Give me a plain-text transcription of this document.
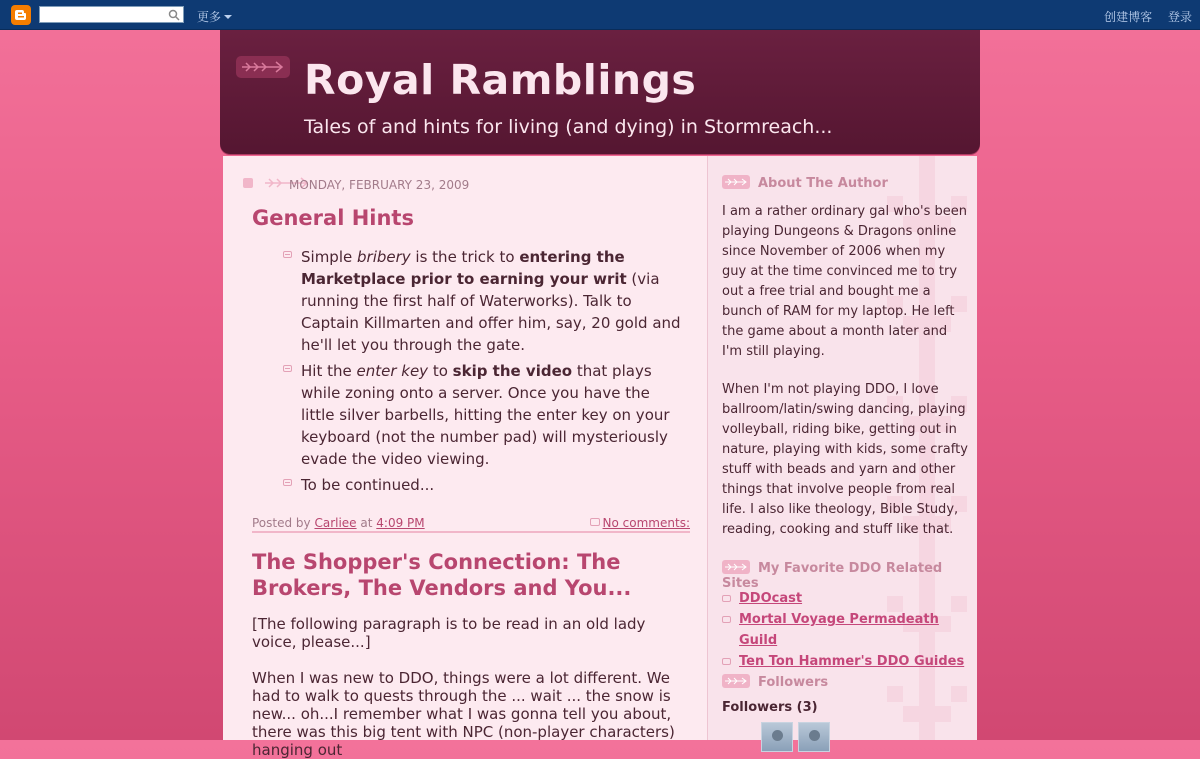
更多	创建博客 登录
Royal Ramblings
Tales of and hints for living (and dying) in Stormreach...
MONDAY, FEBRUARY 23, 2009
General Hints
Simple bribery is the trick to entering the Marketplace prior to earning your writ (via running the first half of Waterworks). Talk to Captain Killmarten and offer him, say, 20 gold and he'll let you through the gate.
Hit the enter key to skip the video that plays while zoning onto a server. Once you have the little silver barbells, hitting the enter key on your keyboard (not the number pad) will mysteriously evade the video viewing.
To be continued...
Posted by Carliee at 4:09 PM	No comments:
The Shopper's Connection: The Brokers, The Vendors and You...
[The following paragraph is to be read in an old lady voice, please...]
When I was new to DDO, things were a lot different. We had to walk to quests through the ... wait ... the snow is new... oh...I remember what I was gonna tell you about, there was this big tent with NPC (non-player characters) hanging out
About The Author
I am a rather ordinary gal who's been playing Dungeons & Dragons online since November of 2006 when my guy at the time convinced me to try out a free trial and bought me a bunch of RAM for my laptop. He left the game about a month later and I'm still playing.
When I'm not playing DDO, I love ballroom/latin/swing dancing, playing volleyball, riding bike, getting out in nature, playing with kids, some crafty stuff with beads and yarn and other things that involve people from real life. I also like theology, Bible Study, reading, cooking and stuff like that.
My Favorite DDO Related Sites
DDOcast
Mortal Voyage Permadeath Guild
Ten Ton Hammer's DDO Guides
Followers
Followers (3)
